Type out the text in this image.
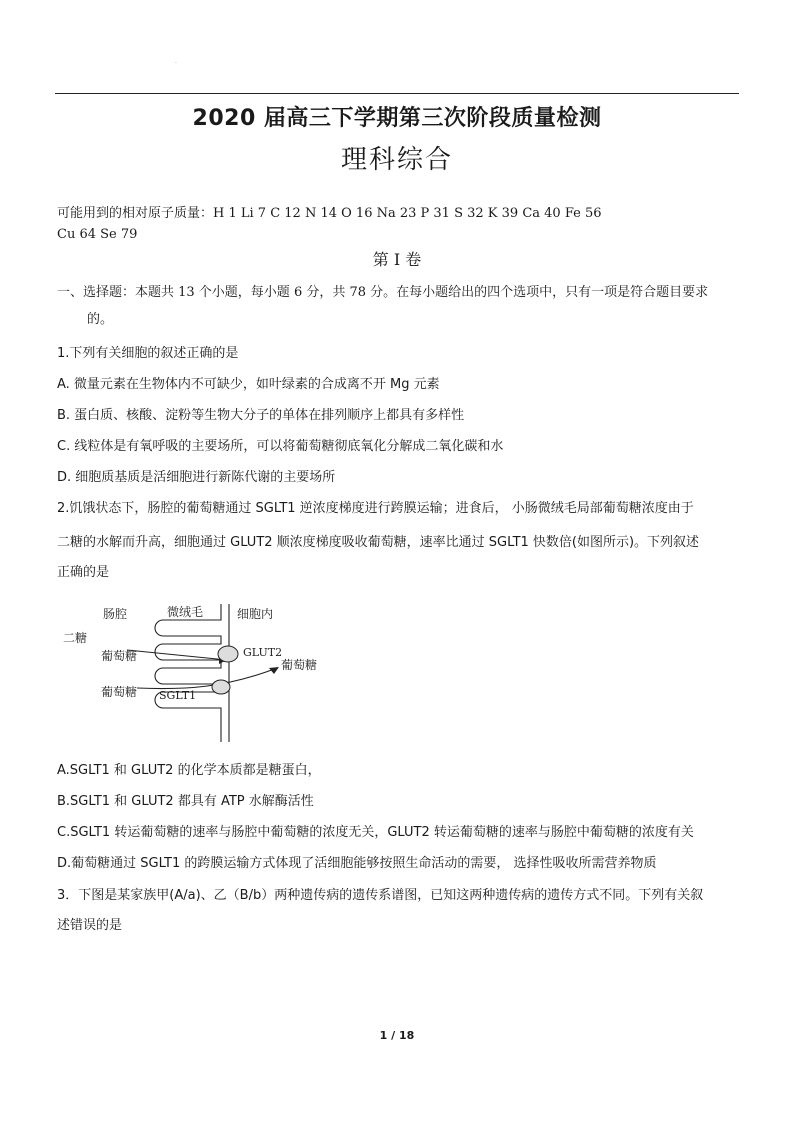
.
2020 届高三下学期第三次阶段质量检测
理科综合
可能用到的相对原子质量：H 1 Li 7 C 12 N 14 O 16 Na 23 P 31 S 32 K 39 Ca 40 Fe 56
Cu 64 Se 79
第 I 卷
一、选择题：本题共 13 个小题，每小题 6 分，共 78 分。在每小题给出的四个选项中，只有一项是符合题目要求
的。
1.下列有关细胞的叙述正确的是
A. 微量元素在生物体内不可缺少，如叶绿素的合成离不开 Mg 元素
B. 蛋白质、核酸、淀粉等生物大分子的单体在排列顺序上都具有多样性
C. 线粒体是有氧呼吸的主要场所，可以将葡萄糖彻底氧化分解成二氧化碳和水
D. 细胞质基质是活细胞进行新陈代谢的主要场所
2.饥饿状态下，肠腔的葡萄糖通过 SGLT1 逆浓度梯度进行跨膜运输；进食后， 小肠微绒毛局部葡萄糖浓度由于
二糖的水解而升高，细胞通过 GLUT2 顺浓度梯度吸收葡萄糖，速率比通过 SGLT1 快数倍(如图所示)。下列叙述
正确的是
肠腔	微绒毛	细胞内
二糖
葡萄糖
葡萄糖
葡萄糖
GLUT2
SGLT1
A.SGLT1 和 GLUT2 的化学本质都是糖蛋白，
B.SGLT1 和 GLUT2 都具有 ATP 水解酶活性
C.SGLT1 转运葡萄糖的速率与肠腔中葡萄糖的浓度无关，GLUT2 转运葡萄糖的速率与肠腔中葡萄糖的浓度有关
D.葡萄糖通过 SGLT1 的跨膜运输方式体现了活细胞能够按照生命活动的需要， 选择性吸收所需营养物质
3．下图是某家族甲(A/a)、乙（B/b）两种遗传病的遗传系谱图，已知这两种遗传病的遗传方式不同。下列有关叙
述错误的是
1 / 18
